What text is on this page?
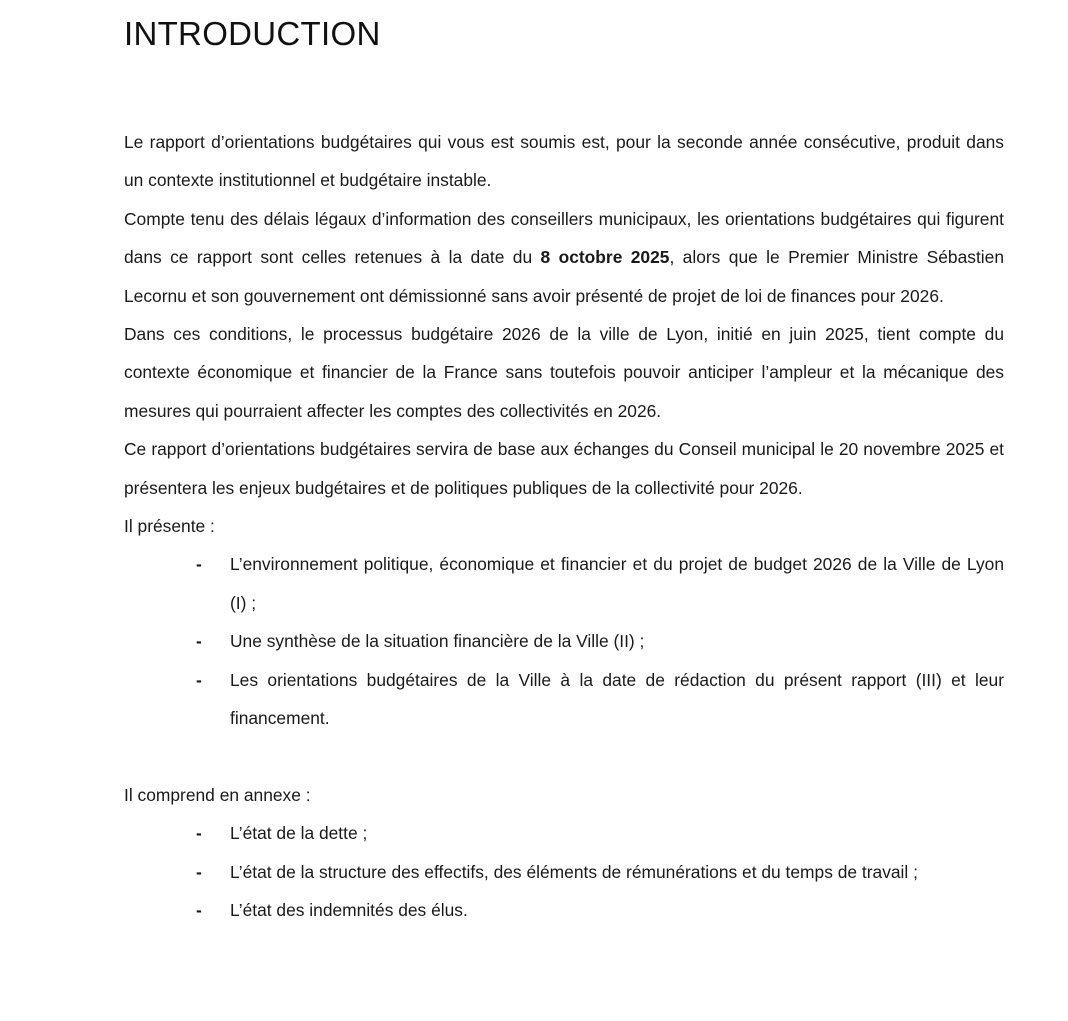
INTRODUCTION

Le rapport d’orientations budgétaires qui vous est soumis est, pour la seconde année consécutive, produit dans un contexte institutionnel et budgétaire instable.

Compte tenu des délais légaux d’information des conseillers municipaux, les orientations budgétaires qui figurent dans ce rapport sont celles retenues à la date du 8 octobre 2025, alors que le Premier Ministre Sébastien Lecornu et son gouvernement ont démissionné sans avoir présenté de projet de loi de finances pour 2026.

Dans ces conditions, le processus budgétaire 2026 de la ville de Lyon, initié en juin 2025, tient compte du contexte économique et financier de la France sans toutefois pouvoir anticiper l’ampleur et la mécanique des mesures qui pourraient affecter les comptes des collectivités en 2026.

Ce rapport d’orientations budgétaires servira de base aux échanges du Conseil municipal le 20 novembre 2025 et présentera les enjeux budgétaires et de politiques publiques de la collectivité pour 2026.

Il présente :

- L’environnement politique, économique et financier et du projet de budget 2026 de la Ville de Lyon (I) ;
- Une synthèse de la situation financière de la Ville (II) ;
- Les orientations budgétaires de la Ville à la date de rédaction du présent rapport (III) et leur financement.

Il comprend en annexe :

- L’état de la dette ;
- L’état de la structure des effectifs, des éléments de rémunérations et du temps de travail ;
- L’état des indemnités des élus.
